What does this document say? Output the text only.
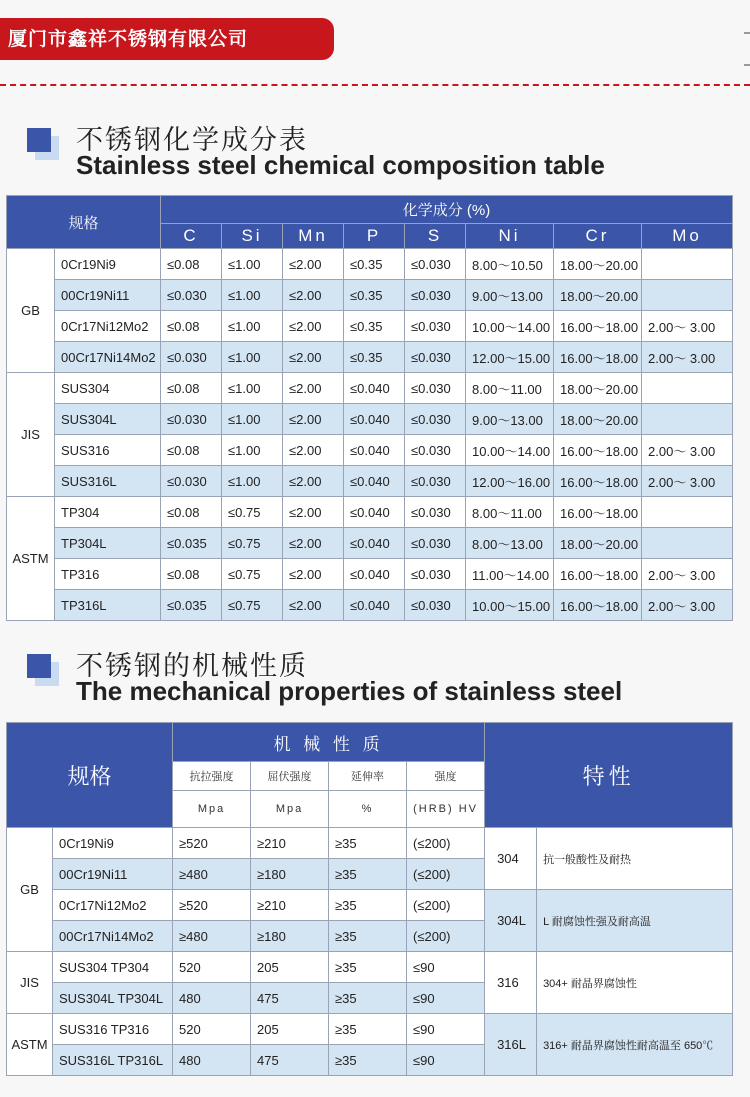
厦门市鑫祥不锈钢有限公司
不锈钢化学成分表
Stainless steel chemical composition table
规格		化学成分 (%)							
		C	Si	Mn	P	S	Ni	Cr	Mo
GB	0Cr19Ni9	≤0.08	≤1.00	≤2.00	≤0.35	≤0.030	8.00～10.50	18.00～20.00	
	00Cr19Ni11	≤0.030	≤1.00	≤2.00	≤0.35	≤0.030	9.00～13.00	18.00～20.00	
	0Cr17Ni12Mo2	≤0.08	≤1.00	≤2.00	≤0.35	≤0.030	10.00～14.00	16.00～18.00	2.00～ 3.00
	00Cr17Ni14Mo2	≤0.030	≤1.00	≤2.00	≤0.35	≤0.030	12.00～15.00	16.00～18.00	2.00～ 3.00
JIS	SUS304	≤0.08	≤1.00	≤2.00	≤0.040	≤0.030	8.00～11.00	18.00～20.00	
	SUS304L	≤0.030	≤1.00	≤2.00	≤0.040	≤0.030	9.00～13.00	18.00～20.00	
	SUS316	≤0.08	≤1.00	≤2.00	≤0.040	≤0.030	10.00～14.00	16.00～18.00	2.00～ 3.00
	SUS316L	≤0.030	≤1.00	≤2.00	≤0.040	≤0.030	12.00～16.00	16.00～18.00	2.00～ 3.00
ASTM	TP304	≤0.08	≤0.75	≤2.00	≤0.040	≤0.030	8.00～11.00	16.00～18.00	
	TP304L	≤0.035	≤0.75	≤2.00	≤0.040	≤0.030	8.00～13.00	18.00～20.00	
	TP316	≤0.08	≤0.75	≤2.00	≤0.040	≤0.030	11.00～14.00	16.00～18.00	2.00～ 3.00
	TP316L	≤0.035	≤0.75	≤2.00	≤0.040	≤0.030	10.00～15.00	16.00～18.00	2.00～ 3.00
不锈钢的机械性质
The mechanical properties of stainless steel
规格		机 械 性 质				特性	
		抗拉强度	屈伏强度	延伸率	强度		
		Mpa	Mpa	%	(HRB) HV		
GB	0Cr19Ni9	≥520	≥210	≥35	(≤200)	304	抗一般酸性及耐热
	00Cr19Ni11	≥480	≥180	≥35	(≤200)		
	0Cr17Ni12Mo2	≥520	≥210	≥35	(≤200)	304L	L 耐腐蚀性强及耐高温
	00Cr17Ni14Mo2	≥480	≥180	≥35	(≤200)		
JIS	SUS304 TP304	520	205	≥35	≤90	316	304+ 耐晶界腐蚀性
	SUS304L TP304L	480	475	≥35	≤90		
ASTM	SUS316 TP316	520	205	≥35	≤90	316L	316+ 耐晶界腐蚀性耐高温至 650℃
	SUS316L TP316L	480	475	≥35	≤90		
